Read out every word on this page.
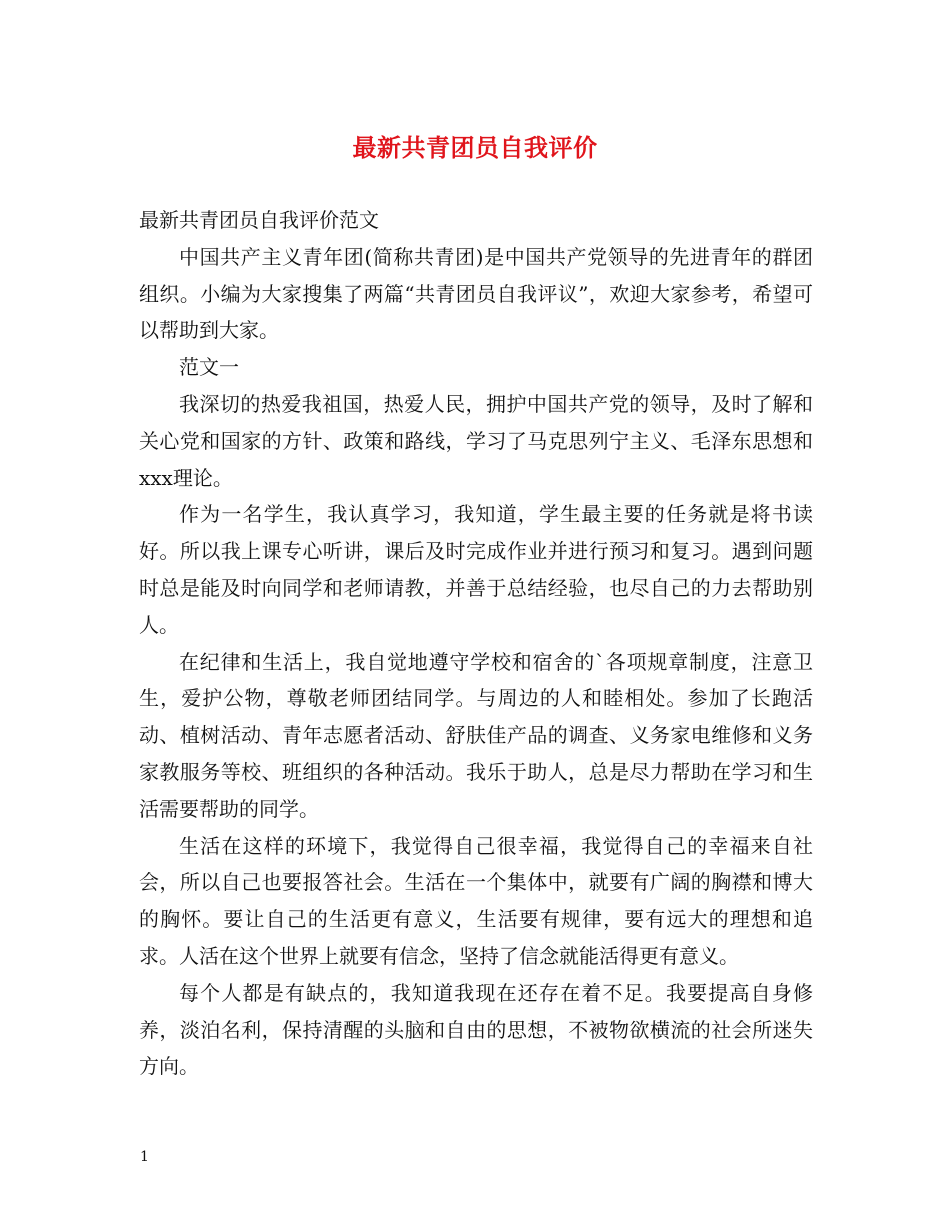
最新共青团员自我评价

最新共青团员自我评价范文

中国共产主义青年团(简称共青团)是中国共产党领导的先进青年的群团组织。小编为大家搜集了两篇“共青团员自我评议”，欢迎大家参考，希望可以帮助到大家。

范文一

我深切的热爱我祖国，热爱人民，拥护中国共产党的领导，及时了解和关心党和国家的方针、政策和路线，学习了马克思列宁主义、毛泽东思想和xxx理论。

作为一名学生，我认真学习，我知道，学生最主要的任务就是将书读好。所以我上课专心听讲，课后及时完成作业并进行预习和复习。遇到问题时总是能及时向同学和老师请教，并善于总结经验，也尽自己的力去帮助别人。

在纪律和生活上，我自觉地遵守学校和宿舍的`各项规章制度，注意卫生，爱护公物，尊敬老师团结同学。与周边的人和睦相处。参加了长跑活动、植树活动、青年志愿者活动、舒肤佳产品的调查、义务家电维修和义务家教服务等校、班组织的各种活动。我乐于助人，总是尽力帮助在学习和生活需要帮助的同学。

生活在这样的环境下，我觉得自己很幸福，我觉得自己的幸福来自社会，所以自己也要报答社会。生活在一个集体中，就要有广阔的胸襟和博大的胸怀。要让自己的生活更有意义，生活要有规律，要有远大的理想和追求。人活在这个世界上就要有信念，坚持了信念就能活得更有意义。

每个人都是有缺点的，我知道我现在还存在着不足。我要提高自身修养，淡泊名利，保持清醒的头脑和自由的思想，不被物欲横流的社会所迷失方向。

1
